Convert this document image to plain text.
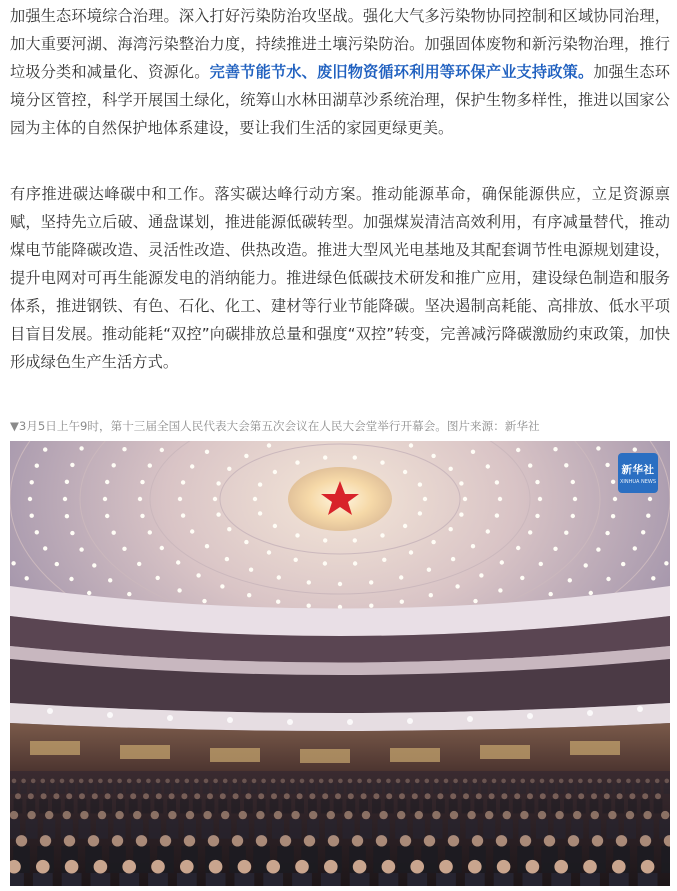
加强生态环境综合治理。深入打好污染防治攻坚战。强化大气多污染物协同控制和区域协同治理，加大重要河湖、海湾污染整治力度，持续推进土壤污染防治。加强固体废物和新污染物治理，推行垃圾分类和减量化、资源化。完善节能节水、废旧物资循环利用等环保产业支持政策。加强生态环境分区管控，科学开展国土绿化，统筹山水林田湖草沙系统治理，保护生物多样性，推进以国家公园为主体的自然保护地体系建设，要让我们生活的家园更绿更美。

有序推进碳达峰碳中和工作。落实碳达峰行动方案。推动能源革命，确保能源供应，立足资源禀赋，坚持先立后破、通盘谋划，推进能源低碳转型。加强煤炭清洁高效利用，有序减量替代，推动煤电节能降碳改造、灵活性改造、供热改造。推进大型风光电基地及其配套调节性电源规划建设，提升电网对可再生能源发电的消纳能力。推进绿色低碳技术研发和推广应用，建设绿色制造和服务体系，推进钢铁、有色、石化、化工、建材等行业节能降碳。坚决遏制高耗能、高排放、低水平项目盲目发展。推动能耗“双控”向碳排放总量和强度“双控”转变，完善减污降碳激励约束政策，加快形成绿色生产生活方式。

▼3月5日上午9时，第十三届全国人民代表大会第五次会议在人民大会堂举行开幕会。图片来源：新华社

新华社
XINHUA NEWS
